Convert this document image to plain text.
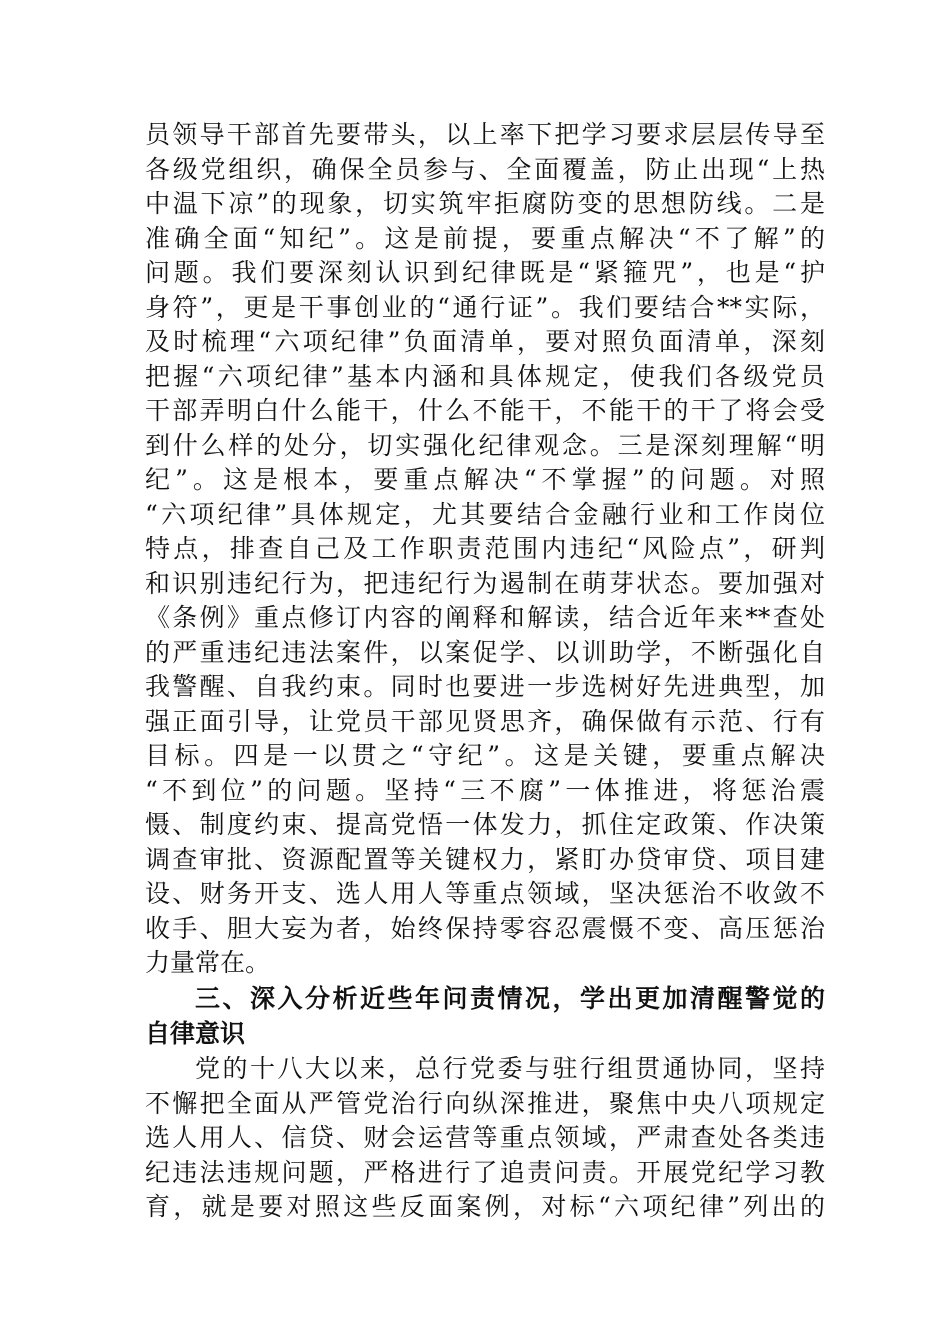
员领导干部首先要带头，以上率下把学习要求层层传导至
各级党组织，确保全员参与、全面覆盖，防止出现“上热
中温下凉”的现象，切实筑牢拒腐防变的思想防线。二是
准确全面“知纪”。这是前提，要重点解决“不了解”的
问题。我们要深刻认识到纪律既是“紧箍咒”，也是“护
身符”，更是干事创业的“通行证”。我们要结合**实际，
及时梳理“六项纪律”负面清单，要对照负面清单，深刻
把握“六项纪律”基本内涵和具体规定，使我们各级党员
干部弄明白什么能干，什么不能干，不能干的干了将会受
到什么样的处分，切实强化纪律观念。三是深刻理解“明
纪”。这是根本，要重点解决“不掌握”的问题。对照
“六项纪律”具体规定，尤其要结合金融行业和工作岗位
特点，排查自己及工作职责范围内违纪“风险点”，研判
和识别违纪行为，把违纪行为遏制在萌芽状态。要加强对
《条例》重点修订内容的阐释和解读，结合近年来**查处
的严重违纪违法案件，以案促学、以训助学，不断强化自
我警醒、自我约束。同时也要进一步选树好先进典型，加
强正面引导，让党员干部见贤思齐，确保做有示范、行有
目标。四是一以贯之“守纪”。这是关键，要重点解决
“不到位”的问题。坚持“三不腐”一体推进，将惩治震
慑、制度约束、提高党悟一体发力，抓住定政策、作决策
调查审批、资源配置等关键权力，紧盯办贷审贷、项目建
设、财务开支、选人用人等重点领域，坚决惩治不收敛不
收手、胆大妄为者，始终保持零容忍震慑不变、高压惩治
力量常在。
三、深入分析近些年问责情况，学出更加清醒警觉的
自律意识
党的十八大以来，总行党委与驻行组贯通协同，坚持
不懈把全面从严管党治行向纵深推进，聚焦中央八项规定
选人用人、信贷、财会运营等重点领域，严肃查处各类违
纪违法违规问题，严格进行了追责问责。开展党纪学习教
育，就是要对照这些反面案例，对标“六项纪律”列出的
